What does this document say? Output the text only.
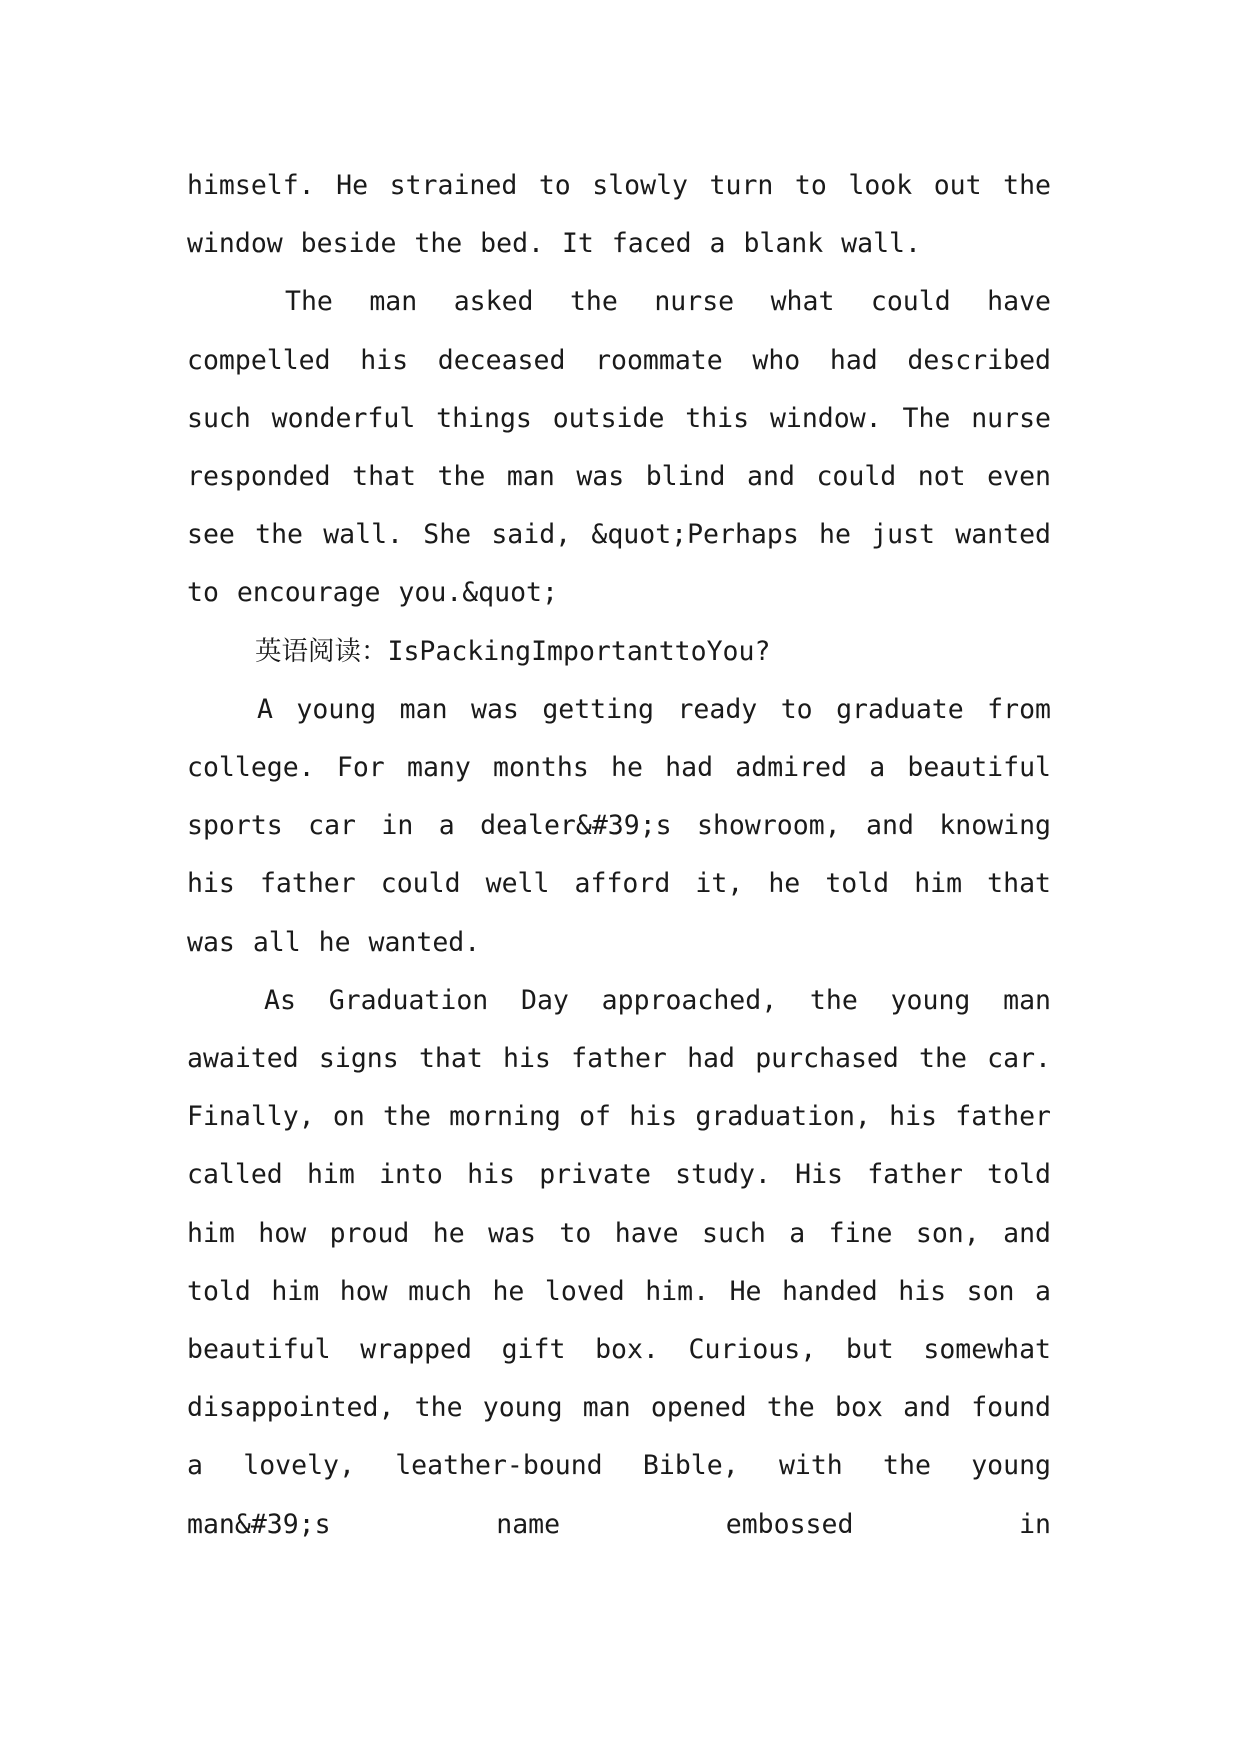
himself. He strained to slowly turn to look out the window beside the bed. It faced a blank wall.

The man asked the nurse what could have compelled his deceased roommate who had described such wonderful things outside this window. The nurse responded that the man was blind and could not even see the wall. She said, &quot;Perhaps he just wanted to encourage you.&quot;

英语阅读：IsPackingImportanttoYou?

A young man was getting ready to graduate from college. For many months he had admired a beautiful sports car in a dealer&#39;s showroom, and knowing his father could well afford it, he told him that was all he wanted.

As Graduation Day approached, the young man awaited signs that his father had purchased the car. Finally, on the morning of his graduation, his father called him into his private study. His father told him how proud he was to have such a fine son, and told him how much he loved him. He handed his son a beautiful wrapped gift box. Curious, but somewhat disappointed, the young man opened the box and found a lovely, leather-bound Bible, with the young man&#39;s name embossed in
